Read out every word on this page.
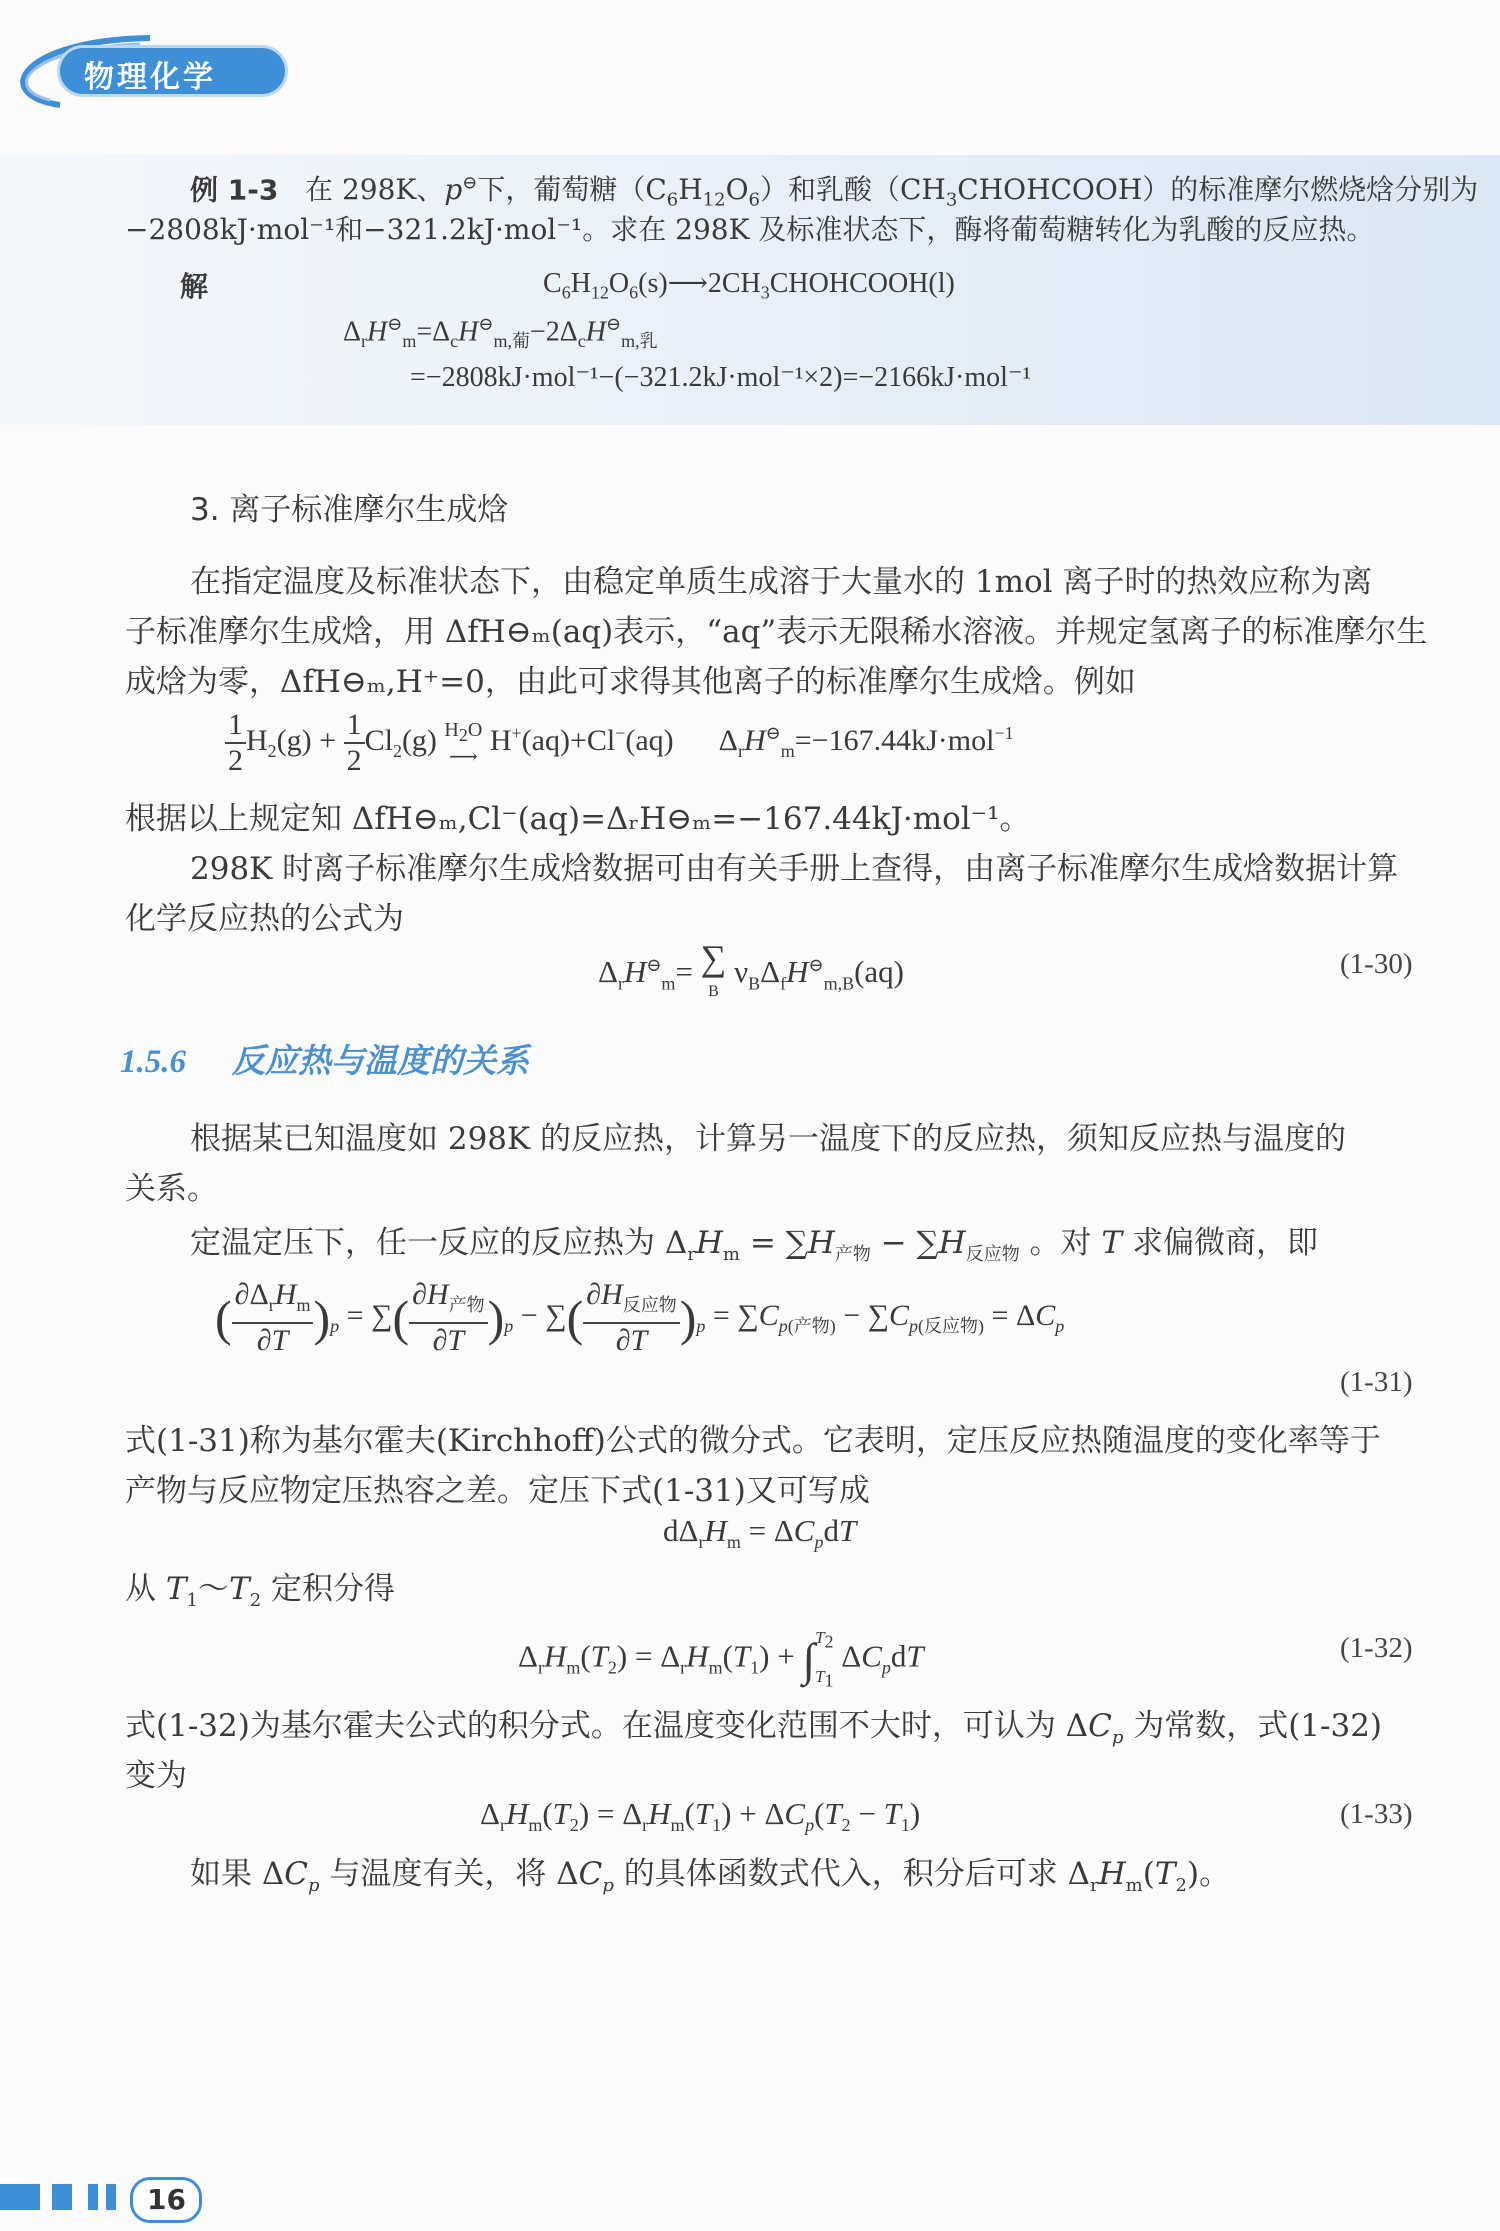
物理化学
例 1-3   在 298K、p⊖下，葡萄糖$(C_6H_{12}O_6)$和乳酸$(CH_3CHOHCOOH)$的标准摩尔燃烧焓分别为
−2808kJ·mol⁻¹和−321.2kJ·mol⁻¹。求在 298K 及标准状态下，酶将葡萄糖转化为乳酸的反应热。
解	$C_6H_{12}O_6(s)⟶2CH_3CHOHCOOH(l)$
$\Delta_rH^⊖_m=\Delta_cH^⊖_{m,葡}-2\Delta_cH^⊖_{m,乳}$
=−2808kJ·mol⁻¹−(−321.2kJ·mol⁻¹×2)=−2166kJ·mol⁻¹
3. 离子标准摩尔生成焓
在指定温度及标准状态下，由稳定单质生成溶于大量水的 1mol 离子时的热效应称为离
子标准摩尔生成焓，用 ΔfH⊖ₘ(aq)表示，“aq”表示无限稀水溶液。并规定氢离子的标准摩尔生
成焓为零，ΔfH⊖ₘ,H⁺=0，由此可求得其他离子的标准摩尔生成焓。例如
$\frac{1}{2} H_2(g) + \frac{1}{2} Cl_2(g)$ $H_2O$
⟶ H+(aq)+Cl−(aq)      $\Delta_rH^⊖_m=-167.44kJ\cdot mol^{-1}$
根据以上规定知 ΔfH⊖ₘ,Cl⁻(aq)=ΔᵣH⊖ₘ=−167.44kJ·mol⁻¹。
298K 时离子标准摩尔生成焓数据可由有关手册上查得，由离子标准摩尔生成焓数据计算
化学反应热的公式为
$\Delta_rH^⊖_m=$ ∑
B $\nu_B\Delta_fH^⊖_{m,B}(aq)$	(1-30)
1.5.6 反应热与温度的关系
根据某已知温度如 298K 的反应热，计算另一温度下的反应热，须知反应热与温度的
关系。
定温定压下，任一反应的反应热为 $\Delta_rH_m = \sum H_{产物} - \sum H_{反应物}$ 。对 T 求偏微商，即
( $\frac{\partial\Delta_rH_m}{\partial T} )_p$ = ∑( $\frac{\partial H_{产物}}{\partial T} )_p$ − ∑( $\frac{\partial H_{反应物}}{\partial T} )_p = \sum C_{p(产物)} - \sum C_{p(反应物)} = \Delta C_p$
(1-31)
式(1-31)称为基尔霍夫(Kirchhoff)公式的微分式。它表明，定压反应热随温度的变化率等于
产物与反应物定压热容之差。定压下式(1-31)又可写成
$d\Delta_rH_m = \Delta C_pdT$
从 $T_1\sim T_2$ 定积分得
$\Delta_rH_m(T_2) = \Delta_rH_m(T_1) + \int T_2$
$T_1$ $\Delta C_pdT$	(1-32)
式(1-32)为基尔霍夫公式的积分式。在温度变化范围不大时，可认为 $\Delta C_p$ 为常数，式(1-32)
变为
$\Delta_rH_m(T_2) = \Delta_rH_m(T_1) + \Delta C_p(T_2 - T_1)$	(1-33)
如果 $\Delta C_p$ 与温度有关，将 $\Delta C_p$ 的具体函数式代入，积分后可求 $\Delta_rH_m(T_2)$。
16
